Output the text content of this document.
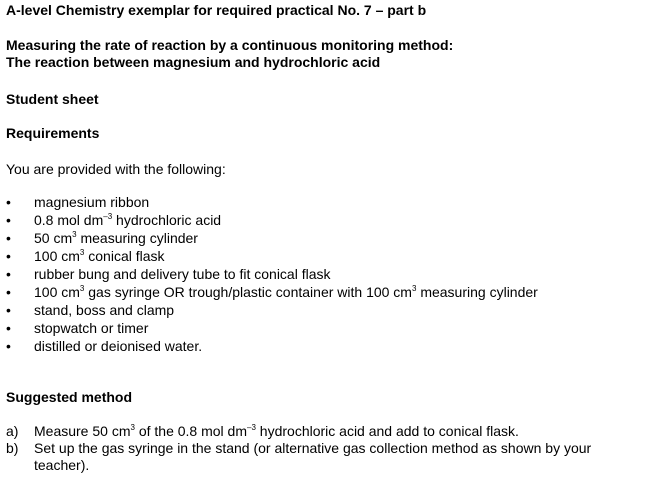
A-level Chemistry exemplar for required practical No. 7 – part b
Measuring the rate of reaction by a continuous monitoring method:
The reaction between magnesium and hydrochloric acid
Student sheet
Requirements
You are provided with the following:
•	magnesium ribbon
•	0.8 mol $dm^{-3}$ hydrochloric acid
•	50 $cm^3$ measuring cylinder
•	100 $cm^3$ conical flask
•	rubber bung and delivery tube to fit conical flask
•	100 $cm^3$ gas syringe OR trough/plastic container with 100 $cm^3$ measuring cylinder
•	stand, boss and clamp
•	stopwatch or timer
•	distilled or deionised water.
Suggested method
a) Measure 50 $cm^3$ of the 0.8 mol $dm^{-3}$ hydrochloric acid and add to conical flask.
b) Set up the gas syringe in the stand (or alternative gas collection method as shown by your teacher).
